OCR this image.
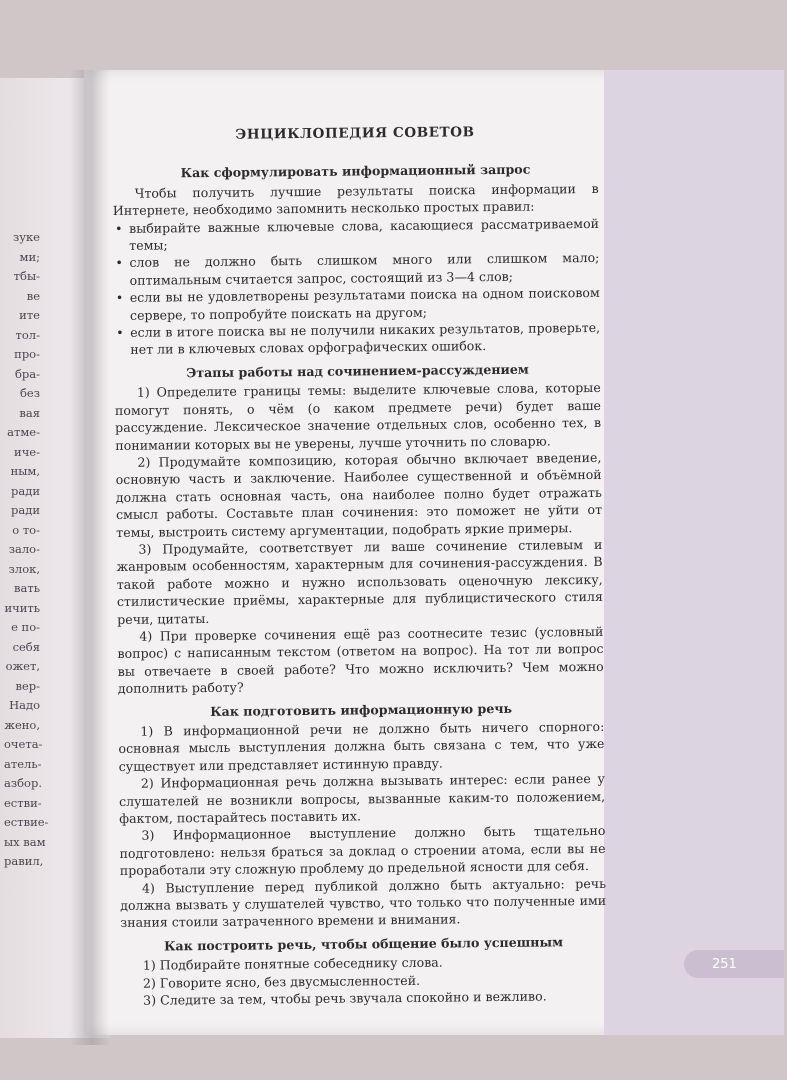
зуке
ми;
тбы-
ве
ите
тол-
про-
бра-
без
вая
атме-
иче-
ным,
ради
ради
о то-
зало-
злок,
вать
ичить
е по-
себя
ожет,
вер-
Надо
жено,
очета-
атель-
азбор.
естви-
ествие-
ых вам
равил,
251
ЭНЦИКЛОПЕДИЯ СОВЕТОВ
Как сформулировать информационный запрос

Чтобы получить лучшие результаты поиска информации в Интернете, необходимо запомнить несколько простых правил:

• выбирайте важные ключевые слова, касающиеся рассматриваемой темы;
• слов не должно быть слишком много или слишком мало; оптимальным считается запрос, состоящий из 3—4 слов;
• если вы не удовлетворены результатами поиска на одном поисковом сервере, то попробуйте поискать на другом;
• если в итоге поиска вы не получили никаких результатов, проверьте, нет ли в ключевых словах орфографических ошибок.
Этапы работы над сочинением-рассуждением

1) Определите границы темы: выделите ключевые слова, которые помогут понять, о чём (о каком предмете речи) будет ваше рассуждение. Лексическое значение отдельных слов, особенно тех, в понимании которых вы не уверены, лучше уточнить по словарю.

2) Продумайте композицию, которая обычно включает введение, основную часть и заключение. Наиболее существенной и объёмной должна стать основная часть, она наиболее полно будет отражать смысл работы. Составьте план сочинения: это поможет не уйти от темы, выстроить систему аргументации, подобрать яркие примеры.

3) Продумайте, соответствует ли ваше сочинение стилевым и жанровым особенностям, характерным для сочинения-рассуждения. В такой работе можно и нужно использовать оценочную лексику, стилистические приёмы, характерные для публицистического стиля речи, цитаты.

4) При проверке сочинения ещё раз соотнесите тезис (условный вопрос) с написанным текстом (ответом на вопрос). На тот ли вопрос вы отвечаете в своей работе? Что можно исключить? Чем можно дополнить работу?

Как подготовить информационную речь

1) В информационной речи не должно быть ничего спорного: основная мысль выступления должна быть связана с тем, что уже существует или представляет истинную правду.

2) Информационная речь должна вызывать интерес: если ранее у слушателей не возникли вопросы, вызванные каким-то положением, фактом, постарайтесь поставить их.

3) Информационное выступление должно быть тщательно подготовлено: нельзя браться за доклад о строении атома, если вы не проработали эту сложную проблему до предельной ясности для себя.

4) Выступление перед публикой должно быть актуально: речь должна вызвать у слушателей чувство, что только что полученные ими знания стоили затраченного времени и внимания.

Как построить речь, чтобы общение было успешным

1) Подбирайте понятные собеседнику слова.

2) Говорите ясно, без двусмысленностей.

3) Следите за тем, чтобы речь звучала спокойно и вежливо.
